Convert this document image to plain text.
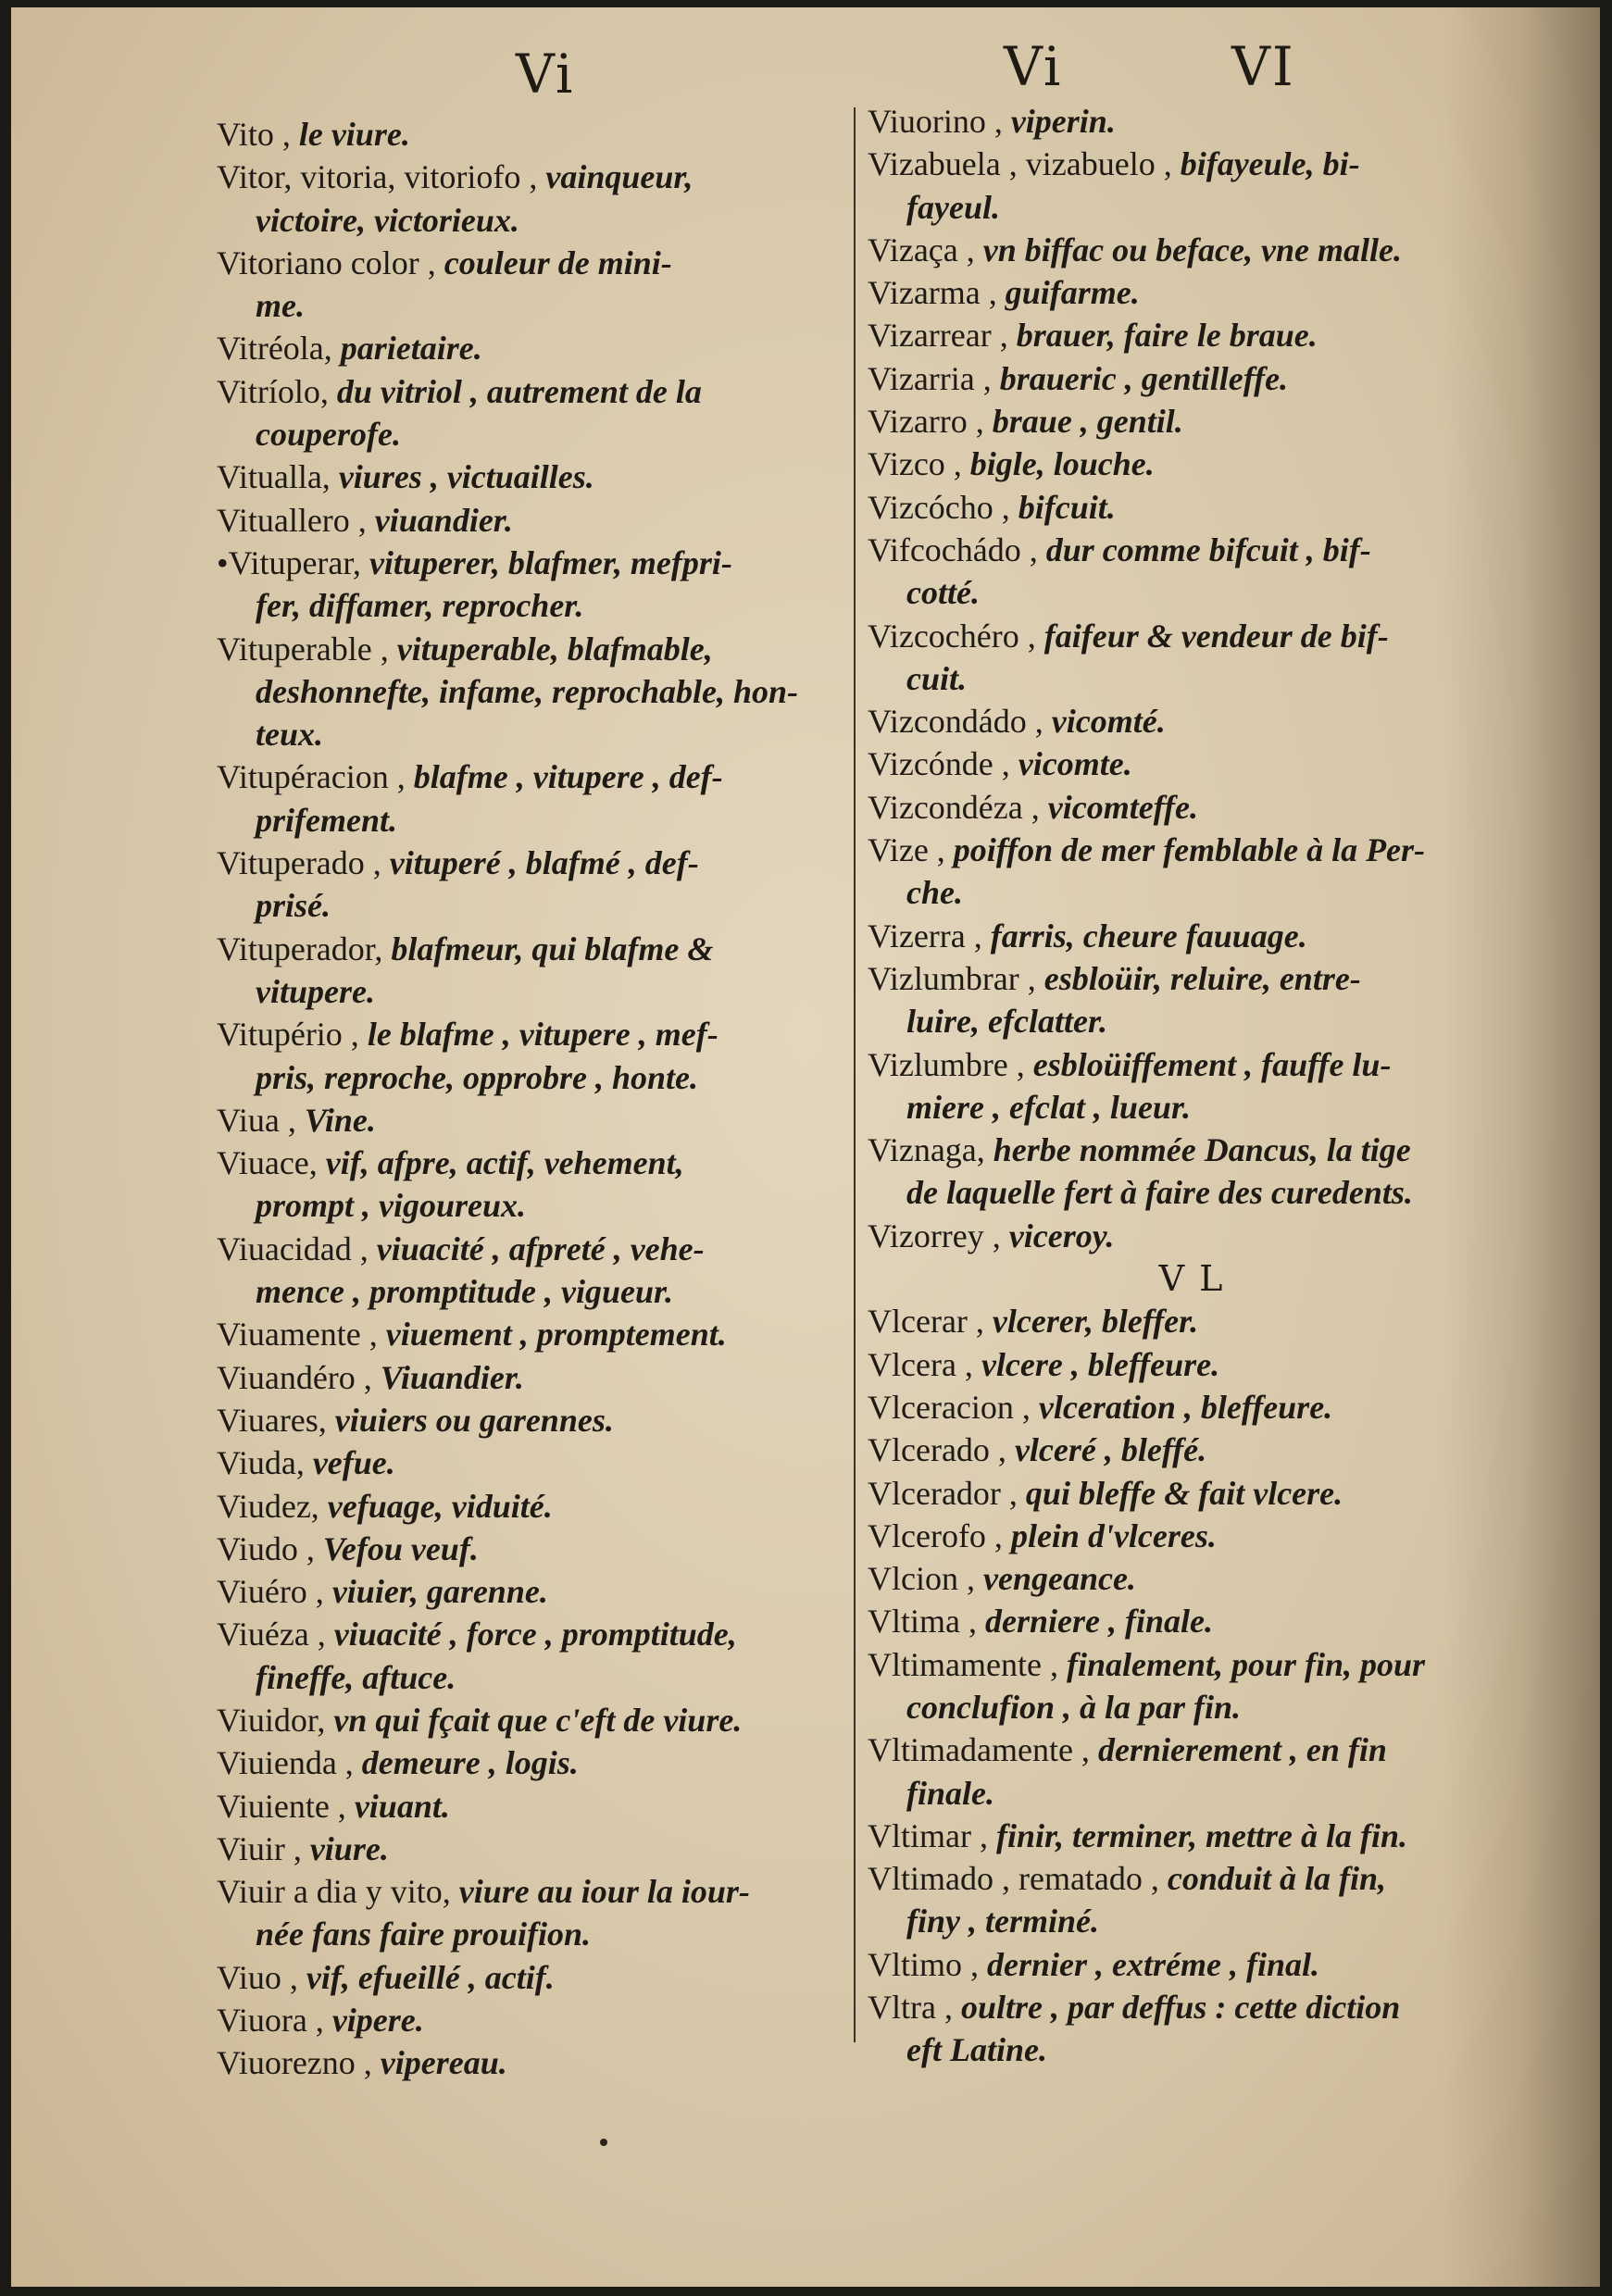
Vi	Vi	VI
Vito , le viure.
Vitor, vitoria, vitoriofo , vainqueur,
victoire, victorieux.
Vitoriano color , couleur de mini-
me.
Vitréola, parietaire.
Vitríolo, du vitriol , autrement de la
couperofe.
Vitualla, viures , victuailles.
Vituallero , viuandier.
•Vituperar, vituperer, blafmer, mefpri-
fer, diffamer, reprocher.
Vituperable , vituperable, blafmable,
deshonnefte, infame, reprochable, hon-
teux.
Vitupéracion , blafme , vitupere , def-
prifement.
Vituperado , vituperé , blafmé , def-
prisé.
Vituperador, blafmeur, qui blafme &
vitupere.
Vitupério , le blafme , vitupere , mef-
pris, reproche, opprobre , honte.
Viua , Vine.
Viuace, vif, afpre, actif, vehement,
prompt , vigoureux.
Viuacidad , viuacité , afpreté , vehe-
mence , promptitude , vigueur.
Viuamente , viuement , promptement.
Viuandéro , Viuandier.
Viuares, viuiers ou garennes.
Viuda, vefue.
Viudez, vefuage, viduité.
Viudo , Vefou veuf.
Viuéro , viuier, garenne.
Viuéza , viuacité , force , promptitude,
fineffe, aftuce.
Viuidor, vn qui fçait que c'eft de viure.
Viuienda , demeure , logis.
Viuiente , viuant.
Viuir , viure.
Viuir a dia y vito, viure au iour la iour-
née fans faire prouifion.
Viuo , vif, efueillé , actif.
Viuora , vipere.
Viuorezno , vipereau.
Viuorino , viperin.
Vizabuela , vizabuelo , bifayeule, bi-
fayeul.
Vizaça , vn biffac ou beface, vne malle.
Vizarma , guifarme.
Vizarrear , brauer, faire le braue.
Vizarria , braueric , gentilleffe.
Vizarro , braue , gentil.
Vizco , bigle, louche.
Vizcócho , bifcuit.
Vifcochádo , dur comme bifcuit , bif-
cotté.
Vizcochéro , faifeur & vendeur de bif-
cuit.
Vizcondádo , vicomté.
Vizcónde , vicomte.
Vizcondéza , vicomteffe.
Vize , poiffon de mer femblable à la Per-
che.
Vizerra , farris, cheure fauuage.
Vizlumbrar , esbloüir, reluire, entre-
luire, efclatter.
Vizlumbre , esbloüiffement , fauffe lu-
miere , efclat , lueur.
Viznaga, herbe nommée Dancus, la tige
de laquelle fert à faire des curedents.
Vizorrey , viceroy.
V L
Vlcerar , vlcerer, bleffer.
Vlcera , vlcere , bleffeure.
Vlceracion , vlceration , bleffeure.
Vlcerado , vlceré , bleffé.
Vlcerador , qui bleffe & fait vlcere.
Vlcerofo , plein d'vlceres.
Vlcion , vengeance.
Vltima , derniere , finale.
Vltimamente , finalement, pour fin, pour
conclufion , à la par fin.
Vltimadamente , dernierement , en fin
finale.
Vltimar , finir, terminer, mettre à la fin.
Vltimado , rematado , conduit à la fin,
finy , terminé.
Vltimo , dernier , extréme , final.
Vltra , oultre , par deffus : cette diction
eft Latine.
